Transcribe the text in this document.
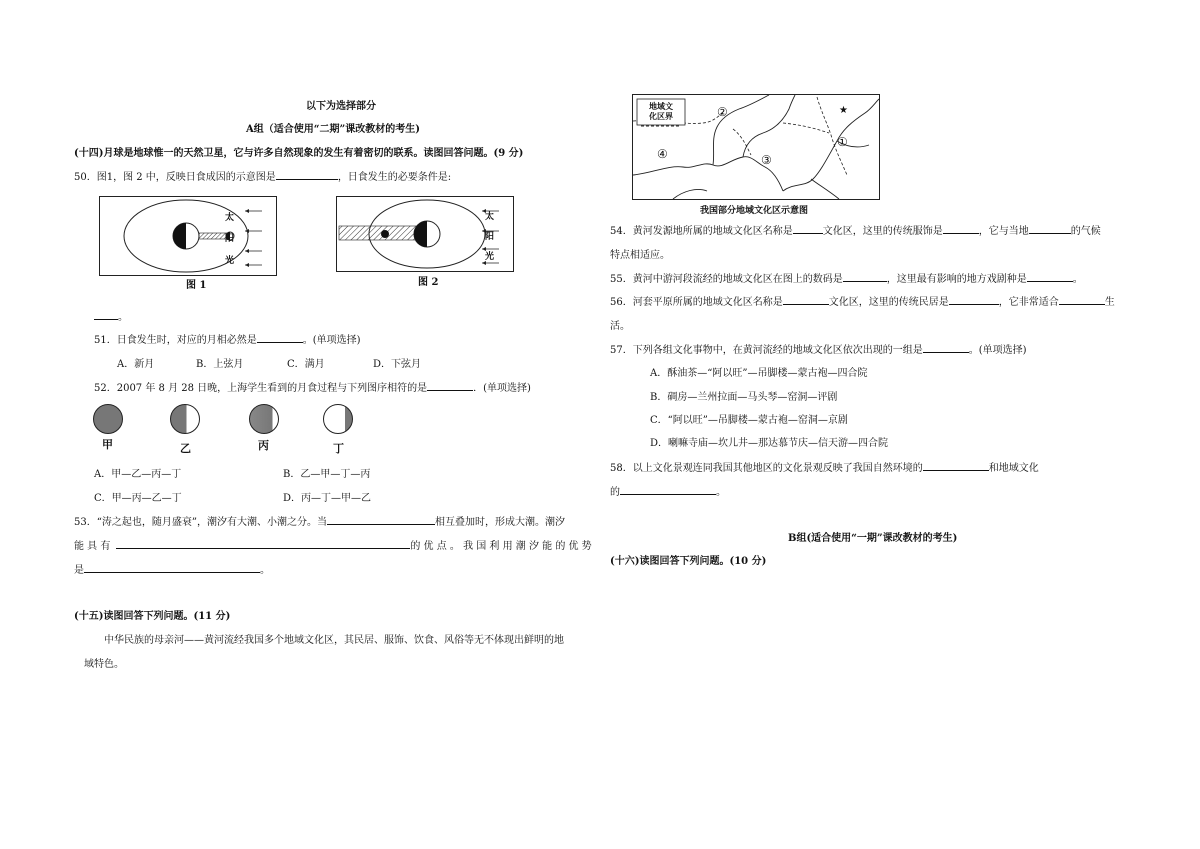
以下为选择部分
A组（适合使用“二期”课改教材的考生)
(十四)月球是地球惟一的天然卫星，它与许多自然现象的发生有着密切的联系。读图回答问题。(9 分)
50．图1，图 2 中，反映日食成因的示意图是	，日食发生的必要条件是:
太
阳
光
图 1
太
阳
光
图 2
。
51．日食发生时，对应的月相必然是	。(单项选择)
A．新月	B．上弦月	C．满月	D．下弦月
52．2007 年 8 月 28 日晚，上海学生看到的月食过程与下列图序相符的是	．(单项选择)
甲	乙	丙	丁
A．甲—乙—丙—丁	B．乙—甲—丁—丙
C．甲—丙—乙—丁	D．丙—丁—甲—乙
53．“涛之起也，随月盛衰”，潮汐有大潮、小潮之分。当	相互叠加时，形成大潮。潮汐
能 具 有	的 优 点 。 我 国 利 用 潮 汐 能 的 优 势
是	。
(十五)读图回答下列问题。(11 分)
中华民族的母亲河——黄河流经我国多个地域文化区，其民居、服饰、饮食、风俗等无不体现出鲜明的地
域特色。
地域文
化区界	②
①
③
④
★
我国部分地域文化区示意图
54．黄河发源地所属的地域文化区名称是	文化区，这里的传统服饰是	，它与当地	的气候
特点相适应。
55．黄河中游河段流经的地域文化区在图上的数码是	，这里最有影响的地方戏剧种是	。
56．河套平原所属的地域文化区名称是	文化区，这里的传统民居是	，它非常适合	生
活。
57．下列各组文化事物中，在黄河流经的地域文化区依次出现的一组是	。(单项选择)
A．酥油茶—“阿以旺”—吊脚楼—蒙古袍—四合院
B．碉房—兰州拉面—马头琴—窑洞—评剧
C．“阿以旺”—吊脚楼—蒙古袍—窑洞—京剧
D．喇嘛寺庙—坎儿井—那达慕节庆—信天游—四合院
58．以上文化景观连同我国其他地区的文化景观反映了我国自然环境的	和地域文化
的	。
B组(适合使用“一期”课改教材的考生)
(十六)读图回答下列问题。(10 分)
